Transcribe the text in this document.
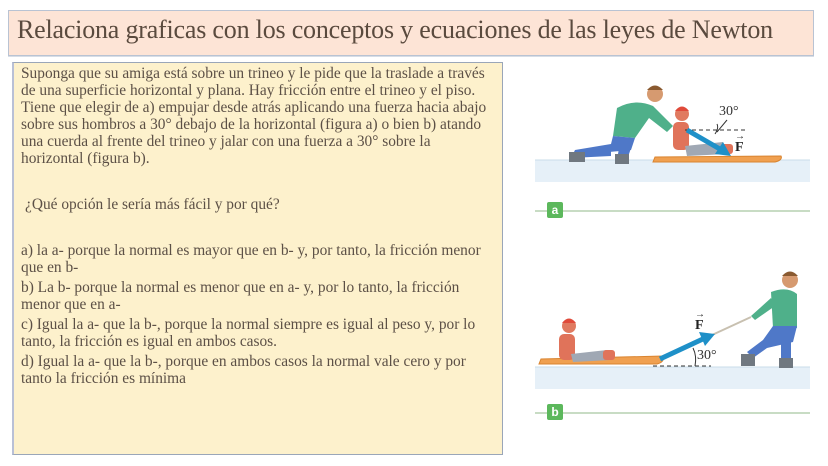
Relaciona graficas con los conceptos y ecuaciones de las leyes de Newton

Suponga que su amiga está sobre un trineo y le pide que la traslade a través de una superficie horizontal y plana. Hay fricción entre el trineo y el piso. Tiene que elegir de a) empujar desde atrás aplicando una fuerza hacia abajo sobre sus hombros a 30° debajo de la horizontal (figura a) o bien b) atando una cuerda al frente del trineo y jalar con una fuerza a 30° sobre la horizontal (figura b).

¿Qué opción le sería más fácil y por qué?

a) la a- porque la normal es mayor que en b- y, por tanto, la fricción menor que en b-

b) La b- porque la normal es menor que en a- y, por lo tanto, la fricción menor que en a-

c) Igual la a- que la b-, porque la normal siempre es igual al peso y, por lo tanto, la fricción es igual en ambos casos.

d) Igual la a- que la b-, porque en ambos casos la normal vale cero y por tanto la fricción es mínima

30°
→
F
a
30°
→
F
b
